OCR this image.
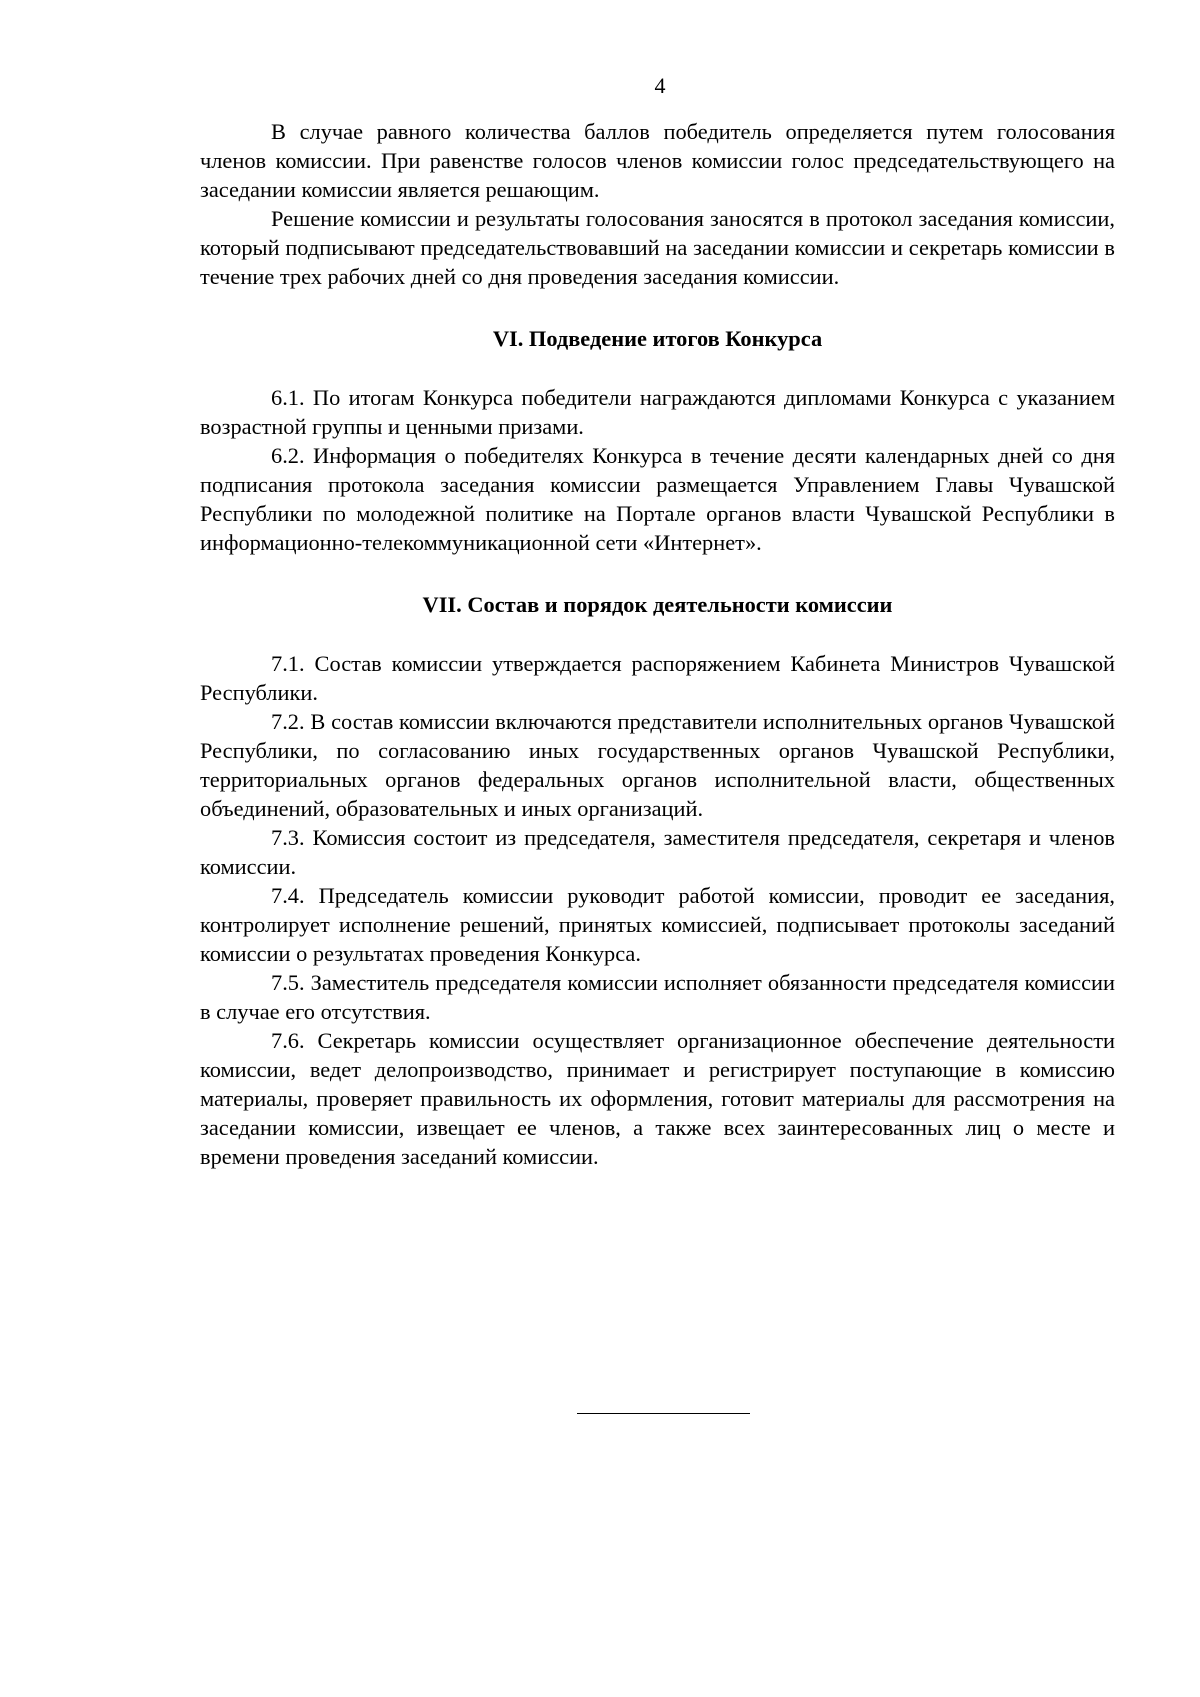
4

В случае равного количества баллов победитель определяется путем голосования членов комиссии. При равенстве голосов членов комиссии голос председательствующего на заседании комиссии является решающим.

Решение комиссии и результаты голосования заносятся в протокол заседания комиссии, который подписывают председательствовавший на заседании комиссии и секретарь комиссии в течение трех рабочих дней со дня проведения заседания комиссии.

VI. Подведение итогов Конкурса

6.1. По итогам Конкурса победители награждаются дипломами Конкурса с указанием возрастной группы и ценными призами.

6.2. Информация о победителях Конкурса в течение десяти календарных дней со дня подписания протокола заседания комиссии размещается Управлением Главы Чувашской Республики по молодежной политике на Портале органов власти Чувашской Республики в информационно-телекоммуникационной сети «Интернет».

VII. Состав и порядок деятельности комиссии

7.1. Состав комиссии утверждается распоряжением Кабинета Министров Чувашской Республики.

7.2. В состав комиссии включаются представители исполнительных органов Чувашской Республики, по согласованию иных государственных органов Чувашской Республики, территориальных органов федеральных органов исполнительной власти, общественных объединений, образовательных и иных организаций.

7.3. Комиссия состоит из председателя, заместителя председателя, секретаря и членов комиссии.

7.4. Председатель комиссии руководит работой комиссии, проводит ее заседания, контролирует исполнение решений, принятых комиссией, подписывает протоколы заседаний комиссии о результатах проведения Конкурса.

7.5. Заместитель председателя комиссии исполняет обязанности председателя комиссии в случае его отсутствия.

7.6. Секретарь комиссии осуществляет организационное обеспечение деятельности комиссии, ведет делопроизводство, принимает и регистрирует поступающие в комиссию материалы, проверяет правильность их оформления, готовит материалы для рассмотрения на заседании комиссии, извещает ее членов, а также всех заинтересованных лиц о месте и времени проведения заседаний комиссии.
